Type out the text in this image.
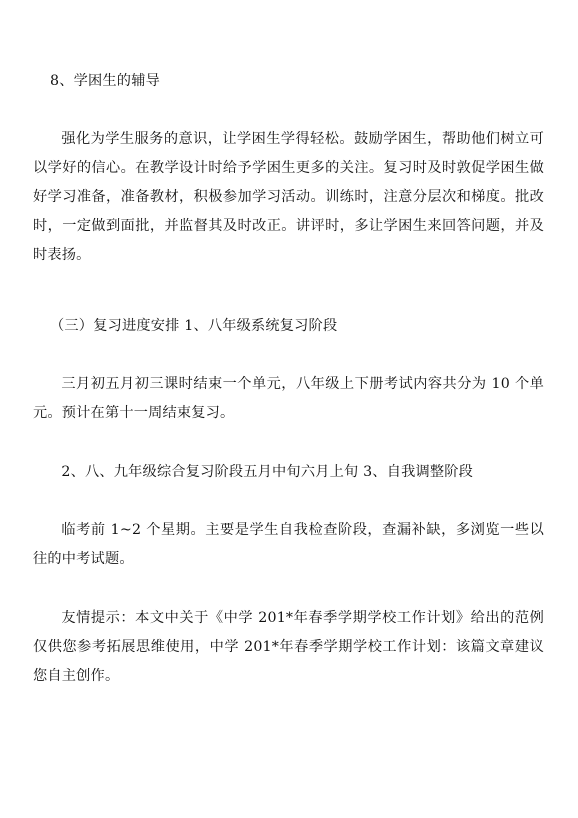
8、学困生的辅导

强化为学生服务的意识，让学困生学得轻松。鼓励学困生，帮助他们树立可以学好的信心。在教学设计时给予学困生更多的关注。复习时及时敦促学困生做好学习准备，准备教材，积极参加学习活动。训练时，注意分层次和梯度。批改时，一定做到面批，并监督其及时改正。讲评时，多让学困生来回答问题，并及时表扬。

（三）复习进度安排 1、八年级系统复习阶段

三月初五月初三课时结束一个单元，八年级上下册考试内容共分为 10 个单元。预计在第十一周结束复习。

2、八、九年级综合复习阶段五月中旬六月上旬 3、自我调整阶段

临考前 1~2 个星期。主要是学生自我检查阶段，查漏补缺，多浏览一些以往的中考试题。

友情提示：本文中关于《中学 201*年春季学期学校工作计划》给出的范例仅供您参考拓展思维使用，中学 201*年春季学期学校工作计划：该篇文章建议您自主创作。
